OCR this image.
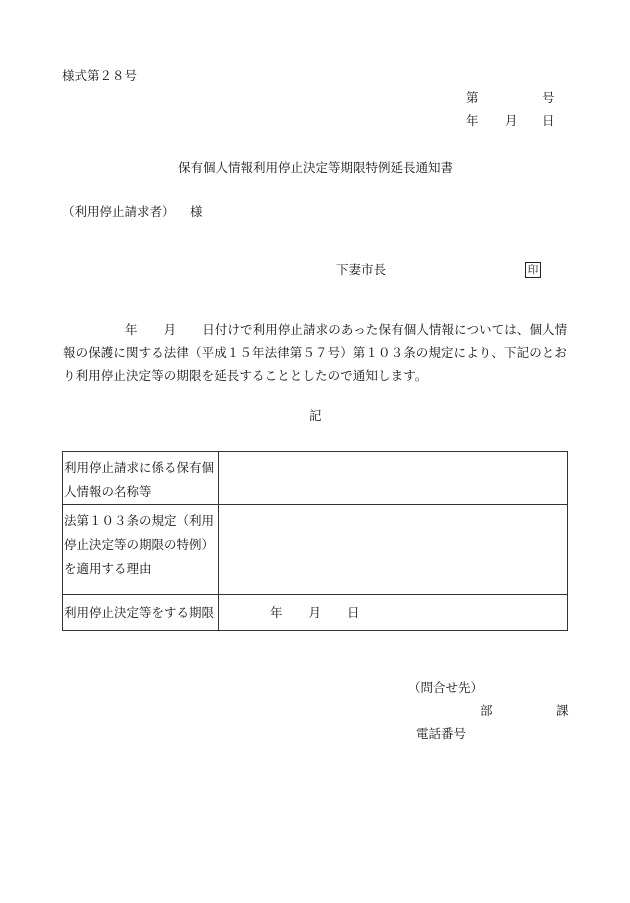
様式第２８号
第	号
年 月 日
保有個人情報利用停止決定等期限特例延長通知書
（利用停止請求者） 様
下妻市長	印
年 月 日付けで利用停止請求のあった保有個人情報については、個人情報の保護に関する法律（平成１５年法律第５７号）第１０３条の規定により、下記のとおり利用停止決定等の期限を延長することとしたので通知します。
記
利用停止請求に係る保有個人情報の名称等	
法第１０３条の規定（利用停止決定等の期限の特例）を適用する理由	
利用停止決定等をする期限	年 月 日
（問合せ先）
部	課
電話番号
